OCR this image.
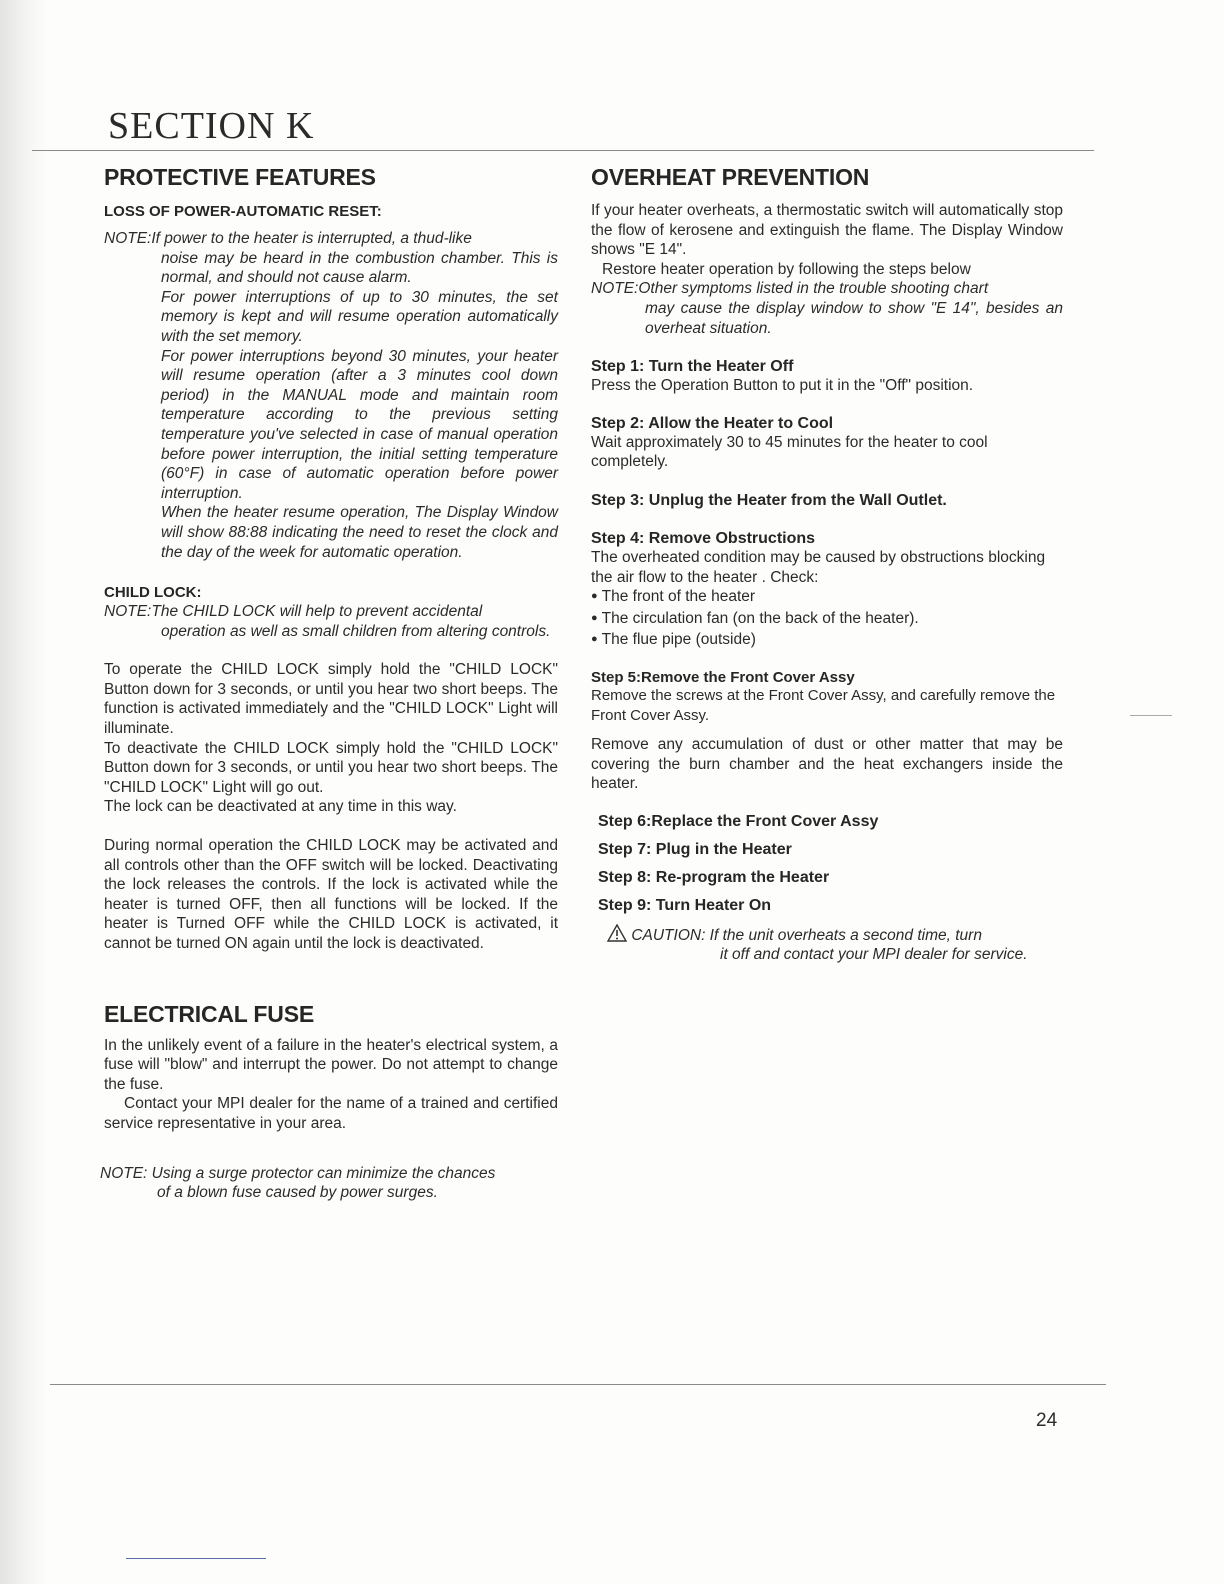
SECTION K
PROTECTIVE FEATURES
LOSS OF POWER-AUTOMATIC RESET:
NOTE:If power to the heater is interrupted, a thud-like
noise may be heard in the combustion chamber. This is normal, and should not cause alarm.
For power interruptions of up to 30 minutes, the set memory is kept and will resume operation automatically with the set memory.
For power interruptions beyond 30 minutes, your heater will resume operation (after a 3 minutes cool down period) in the MANUAL mode and maintain room temperature according to the previous setting temperature you've selected in case of manual operation before power interruption, the initial setting temperature (60°F) in case of automatic operation before power interruption.
When the heater resume operation, The Display Window will show 88:88 indicating the need to reset the clock and the day of the week for automatic operation.
CHILD LOCK:
NOTE:The CHILD LOCK will help to prevent accidental
operation as well as small children from altering controls.

To operate the CHILD LOCK simply hold the "CHILD LOCK" Button down for 3 seconds, or until you hear two short beeps. The function is activated immediately and the "CHILD LOCK" Light will illuminate.

To deactivate the CHILD LOCK simply hold the "CHILD LOCK" Button down for 3 seconds, or until you hear two short beeps. The "CHILD LOCK" Light will go out.

The lock can be deactivated at any time in this way.

During normal operation the CHILD LOCK may be activated and all controls other than the OFF switch will be locked. Deactivating the lock releases the controls. If the lock is activated while the heater is turned OFF, then all functions will be locked. If the heater is Turned OFF while the CHILD LOCK is activated, it cannot be turned ON again until the lock is deactivated.

ELECTRICAL FUSE

In the unlikely event of a failure in the heater's electrical system, a fuse will "blow" and interrupt the power. Do not attempt to change the fuse.

Contact your MPI dealer for the name of a trained and certified service representative in your area.

NOTE: Using a surge protector can minimize the chances
of a blown fuse caused by power surges.
OVERHEAT PREVENTION

If your heater overheats, a thermostatic switch will automatically stop the flow of kerosene and extinguish the flame. The Display Window shows "E 14".

Restore heater operation by following the steps below

NOTE:Other symptoms listed in the trouble shooting chart
may cause the display window to show "E 14", besides an overheat situation.
Step 1: Turn the Heater Off

Press the Operation Button to put it in the "Off" position.

Step 2: Allow the Heater to Cool

Wait approximately 30 to 45 minutes for the heater to cool completely.

Step 3: Unplug the Heater from the Wall Outlet.
Step 4: Remove Obstructions

The overheated condition may be caused by obstructions blocking the air flow to the heater . Check:

● The front of the heater

● The circulation fan (on the back of the heater).

● The flue pipe (outside)

Step 5:Remove the Front Cover Assy

Remove the screws at the Front Cover Assy, and carefully remove the Front Cover Assy.

Remove any accumulation of dust or other matter that may be covering the burn chamber and the heat exchangers inside the heater.

Step 6:Replace the Front Cover Assy
Step 7: Plug in the Heater
Step 8: Re-program the Heater
Step 9: Turn Heater On
CAUTION: If the unit overheats a second time, turn
it off and contact your MPI dealer for service.
24
